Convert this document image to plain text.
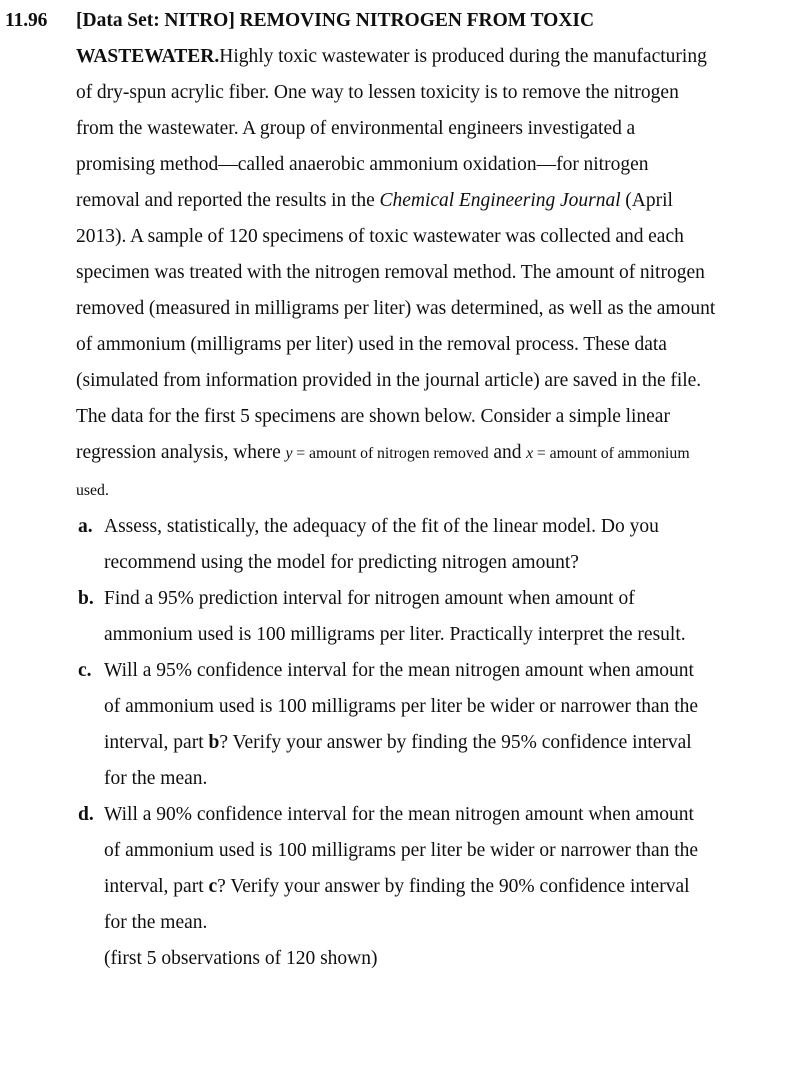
11.96 [Data Set: NITRO] REMOVING NITROGEN FROM TOXIC WASTEWATER.Highly toxic wastewater is produced during the manufacturing of dry-spun acrylic fiber. One way to lessen toxicity is to remove the nitrogen from the wastewater. A group of environmental engineers investigated a promising method—called anaerobic ammonium oxidation—for nitrogen removal and reported the results in the Chemical Engineering Journal (April 2013). A sample of 120 specimens of toxic wastewater was collected and each specimen was treated with the nitrogen removal method. The amount of nitrogen removed (measured in milligrams per liter) was determined, as well as the amount of ammonium (milligrams per liter) used in the removal process. These data (simulated from information provided in the journal article) are saved in the file. The data for the first 5 specimens are shown below. Consider a simple linear regression analysis, where y = amount of nitrogen removed and x = amount of ammonium used.
a. Assess, statistically, the adequacy of the fit of the linear model. Do you recommend using the model for predicting nitrogen amount?
b. Find a 95% prediction interval for nitrogen amount when amount of ammonium used is 100 milligrams per liter. Practically interpret the result.
c. Will a 95% confidence interval for the mean nitrogen amount when amount of ammonium used is 100 milligrams per liter be wider or narrower than the interval, part b? Verify your answer by finding the 95% confidence interval for the mean.
d. Will a 90% confidence interval for the mean nitrogen amount when amount of ammonium used is 100 milligrams per liter be wider or narrower than the interval, part c? Verify your answer by finding the 90% confidence interval for the mean.
(first 5 observations of 120 shown)
